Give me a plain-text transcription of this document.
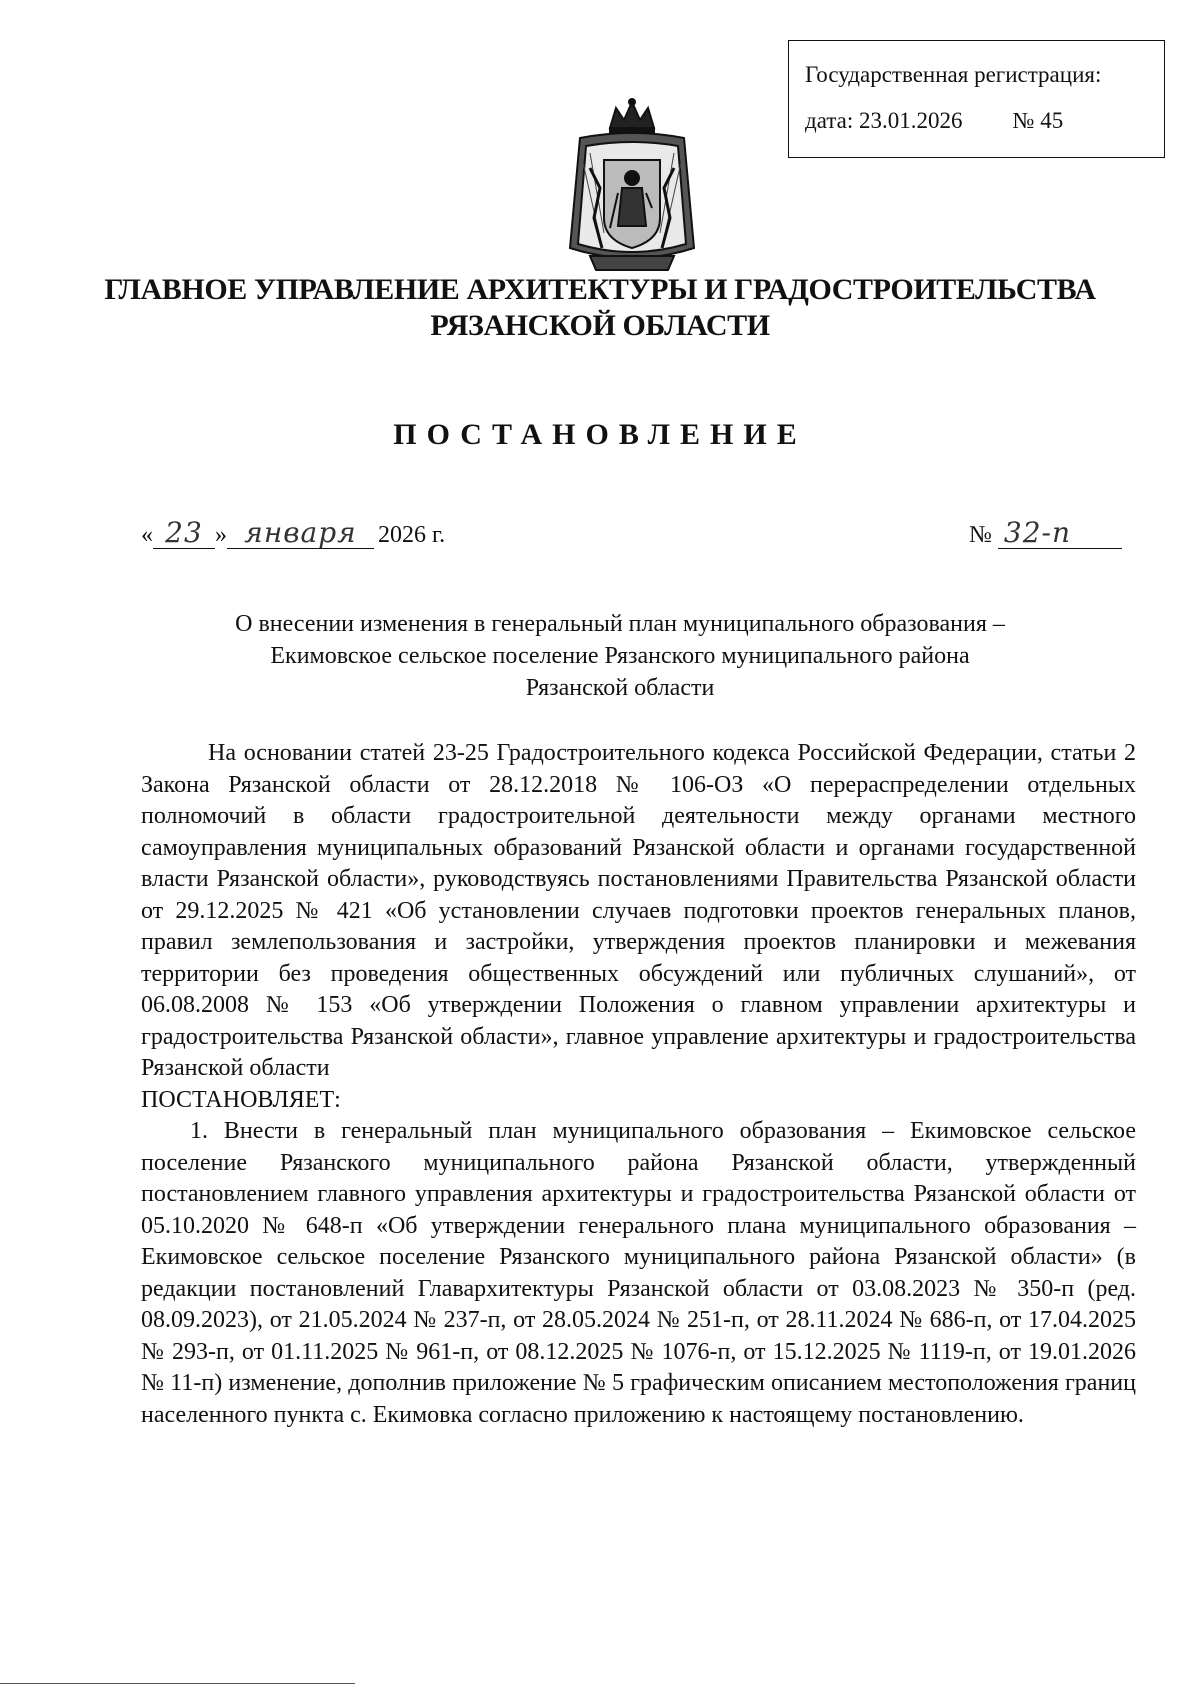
Государственная регистрация:
дата: 23.01.2026 № 45
ГЛАВНОЕ УПРАВЛЕНИЕ АРХИТЕКТУРЫ И ГРАДОСТРОИТЕЛЬСТВА
РЯЗАНСКОЙ ОБЛАСТИ
ПОСТАНОВЛЕНИЕ
« 23 » января 2026 г.	№ 32-п
О внесении изменения в генеральный план муниципального образования –
Екимовское сельское поселение Рязанского муниципального района
Рязанской области

На основании статей 23-25 Градостроительного кодекса Российской Федерации, статьи 2 Закона Рязанской области от 28.12.2018 № 106-ОЗ «О перераспределении отдельных полномочий в области градостроительной деятельности между органами местного самоуправления муниципальных образований Рязанской области и органами государственной власти Рязанской области», руководствуясь постановлениями Правительства Рязанской области от 29.12.2025 № 421 «Об установлении случаев подготовки проектов генеральных планов, правил землепользования и застройки, утверждения проектов планировки и межевания территории без проведения общественных обсуждений или публичных слушаний», от 06.08.2008 № 153 «Об утверждении Положения о главном управлении архитектуры и градостроительства Рязанской области», главное управление архитектуры и градостроительства Рязанской области

ПОСТАНОВЛЯЕТ:

1. Внести в генеральный план муниципального образования – Екимовское сельское поселение Рязанского муниципального района Рязанской области, утвержденный постановлением главного управления архитектуры и градостроительства Рязанской области от 05.10.2020 № 648-п «Об утверждении генерального плана муниципального образования – Екимовское сельское поселение Рязанского муниципального района Рязанской области» (в редакции постановлений Главархитектуры Рязанской области от 03.08.2023 № 350-п (ред. 08.09.2023), от 21.05.2024 № 237-п, от 28.05.2024 № 251-п, от 28.11.2024 № 686-п, от 17.04.2025 № 293-п, от 01.11.2025 № 961-п, от 08.12.2025 № 1076-п, от 15.12.2025 № 1119-п, от 19.01.2026 № 11-п) изменение, дополнив приложение № 5 графическим описанием местоположения границ населенного пункта с. Екимовка согласно приложению к настоящему постановлению.
